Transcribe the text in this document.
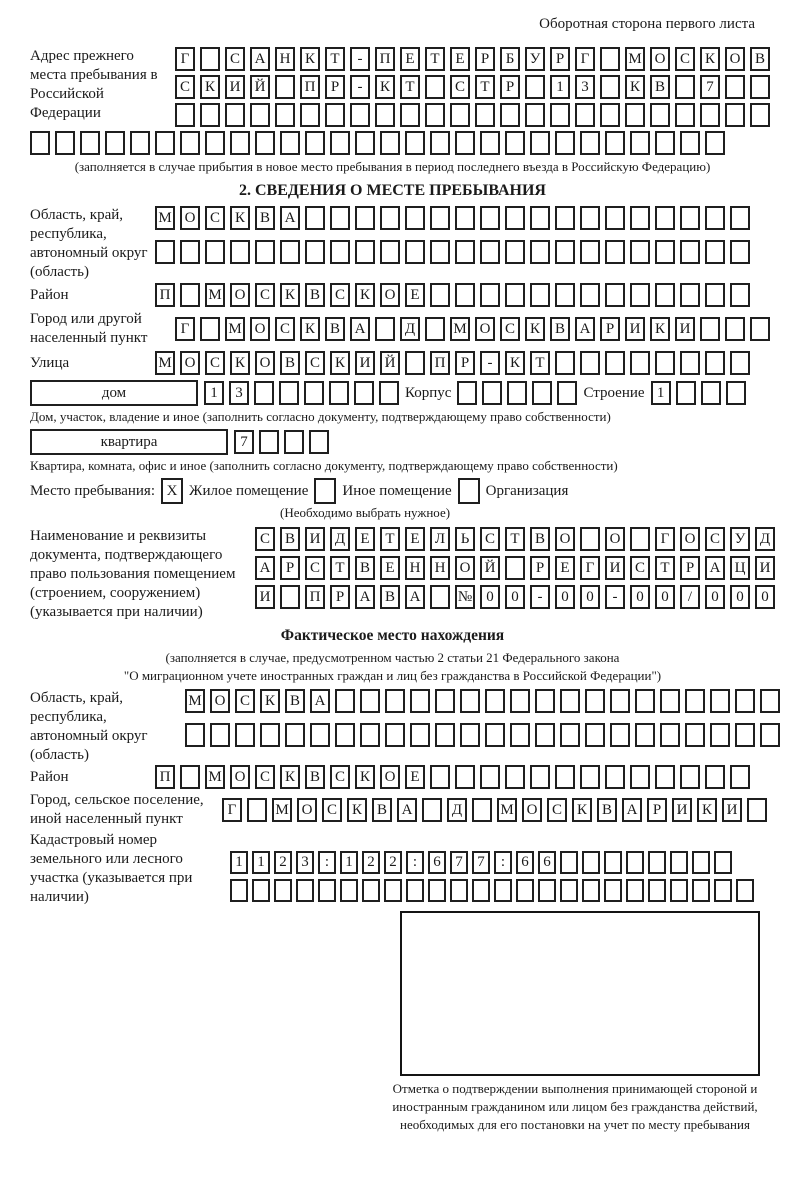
Оборотная сторона первого листа
Адрес прежнего места пребывания в Российской Федерации
Г	С А Н К	Т	-	П Е	Т	Е	Р	Б	У	Р	Г	М О С К О В
С К И Й	П	Р	-	К	Т	С	Т	Р	1	3	К В	7
(заполняется в случае прибытия в новое место пребывания в период последнего въезда в Российскую Федерацию)
2. СВЕДЕНИЯ О МЕСТЕ ПРЕБЫВАНИЯ
Область, край, республика, автономный округ (область)
М О С К В А
Район	П	М О С К В С К О Е
Город или другой населенный пункт
Г	М О С К В А	Д	М О С К В А	Р	И К И
Улица	М О С К О В С К И Й	П	Р	-	К	Т
дом	1	3	Корпус	Строение 1
Дом, участок, владение и иное (заполнить согласно документу, подтверждающему право собственности)
квартира	7
Квартира, комната, офис и иное (заполнить согласно документу, подтверждающему право собственности)
Место пребывания: X Жилое помещение Иное помещение Организация
(Необходимо выбрать нужное)
Наименование и реквизиты документа, подтверждающего право пользования помещением (строением, сооружением) (указывается при наличии)
С В И Д	Е	Т	Е	Л	Ь	С	Т	В О	О	Г	О С У Д
А	Р	С	Т	В	Е	Н Н О Й	Р	Е	Г	И С	Т	Р	А Ц И
И	П	Р	А В А	№ 0	0	-	0	0	-	0	0	/	0	0	0
Фактическое место нахождения
(заполняется в случае, предусмотренном частью 2 статьи 21 Федерального закона
"О миграционном учете иностранных граждан и лиц без гражданства в Российской Федерации")
Область, край, республика, автономный округ (область)
М О С К В А
Район	П	М О С К В С К О Е
Город, сельское поселение, иной населенный пункт
Г	М О С К В А	Д	М О С К В А	Р	И К И
Кадастровый номер земельного или лесного участка (указывается при наличии)
1 1 2 3	:	1 2 2	:	6 7 7	:	6 6
Отметка о подтверждении выполнения принимающей стороной и иностранным гражданином или лицом без гражданства действий, необходимых для его постановки на учет по месту пребывания
